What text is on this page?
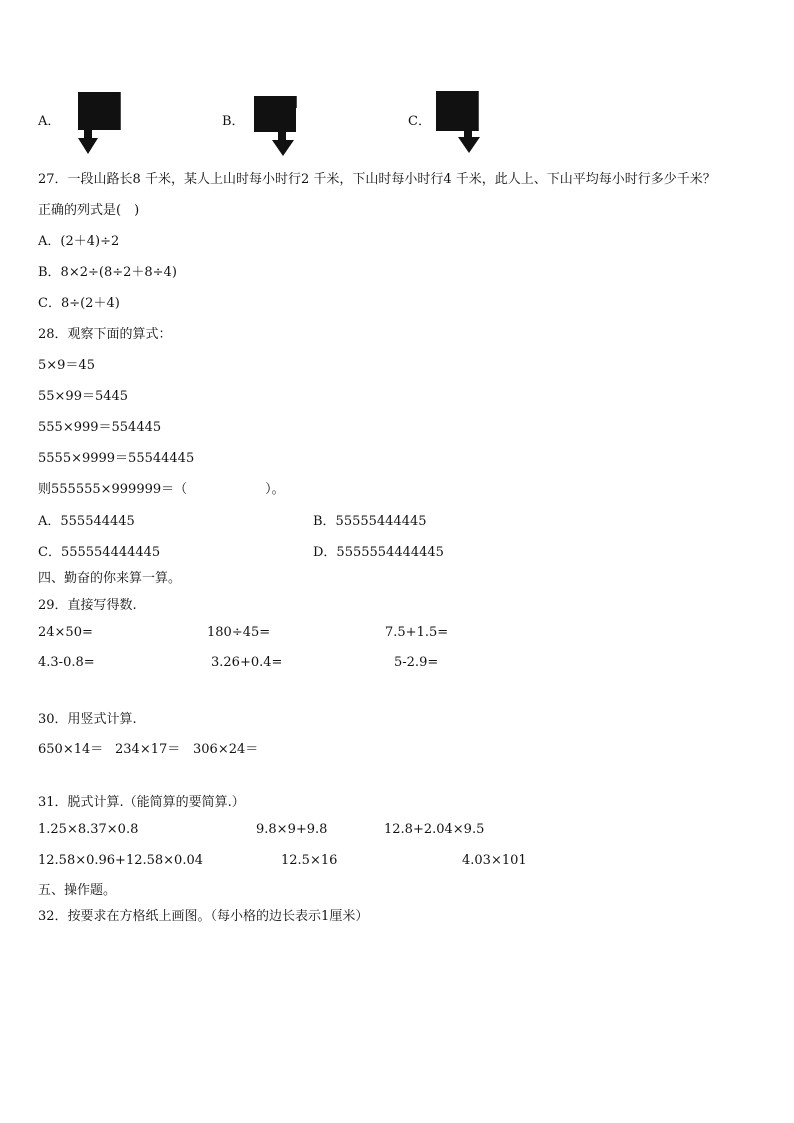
A．	B．	C．
27．一段山路长8 千米，某人上山时每小时行2 千米，下山时每小时行4 千米，此人上、下山平均每小时行多少千米？
正确的列式是(　)
A．(2＋4)÷2
B．8×2÷(8÷2＋8÷4)
C．8÷(2＋4)
28．观察下面的算式：
5×9＝45
55×99＝5445
555×999＝554445
5555×9999＝55544445
则555555×999999＝（　　　　　　）。
A．555544445	B．55555444445
C．555554444445	D．5555554444445
四、勤奋的你来算一算。
29．直接写得数.
24×50=	180÷45=	7.5+1.5=
4.3-0.8=	3.26+0.4=	5-2.9=
30．用竖式计算.
650×14＝ 234×17＝ 306×24＝
31．脱式计算.（能简算的要简算.）
1.25×8.37×0.8	9.8×9+9.8	12.8+2.04×9.5
12.58×0.96+12.58×0.04	12.5×16	4.03×101
五、操作题。
32．按要求在方格纸上画图。（每小格的边长表示1厘米）
